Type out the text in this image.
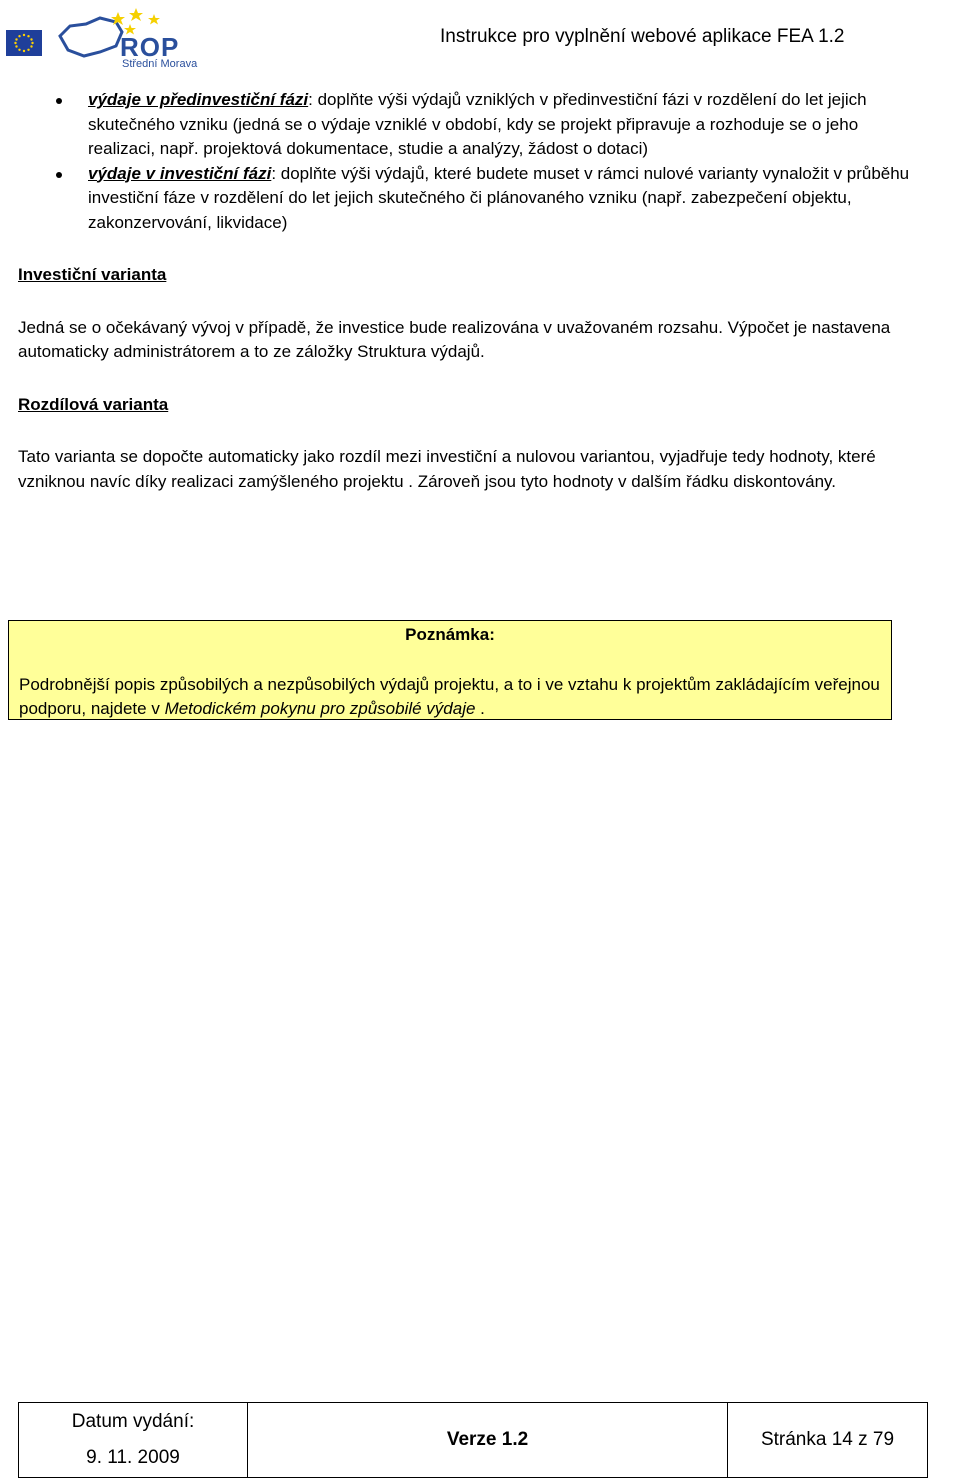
ROP
Střední Morava
Instrukce pro vyplnění webové aplikace FEA 1.2
výdaje v předinvestiční fázi: doplňte výši výdajů vzniklých v předinvestiční fázi v rozdělení do let jejich skutečného vzniku (jedná se o výdaje vzniklé v období, kdy se projekt připravuje a rozhoduje se o jeho realizaci, např. projektová dokumentace, studie a analýzy, žádost o dotaci)
výdaje v investiční fázi: doplňte výši výdajů, které budete muset v rámci nulové varianty vynaložit v průběhu investiční fáze v rozdělení do let jejich skutečného či plánovaného vzniku (např. zabezpečení objektu, zakonzervování, likvidace)

Investiční varianta

Jedná se o očekávaný vývoj v případě, že investice bude realizována v uvažovaném rozsahu. Výpočet je nastavena automaticky administrátorem a to ze záložky Struktura výdajů.

Rozdílová varianta

Tato varianta se dopočte automaticky jako rozdíl mezi investiční a nulovou variantou, vyjadřuje tedy hodnoty, které vzniknou navíc díky realizaci zamýšleného projektu . Zároveň jsou tyto hodnoty v dalším řádku diskontovány.

Poznámka:
Podrobnější popis způsobilých a nezpůsobilých výdajů projektu, a to i ve vztahu k projektům zakládajícím veřejnou podporu, najdete v Metodickém pokynu pro způsobilé výdaje .
Datum vydání:
9. 11. 2009
Verze 1.2	Stránka 14 z 79
